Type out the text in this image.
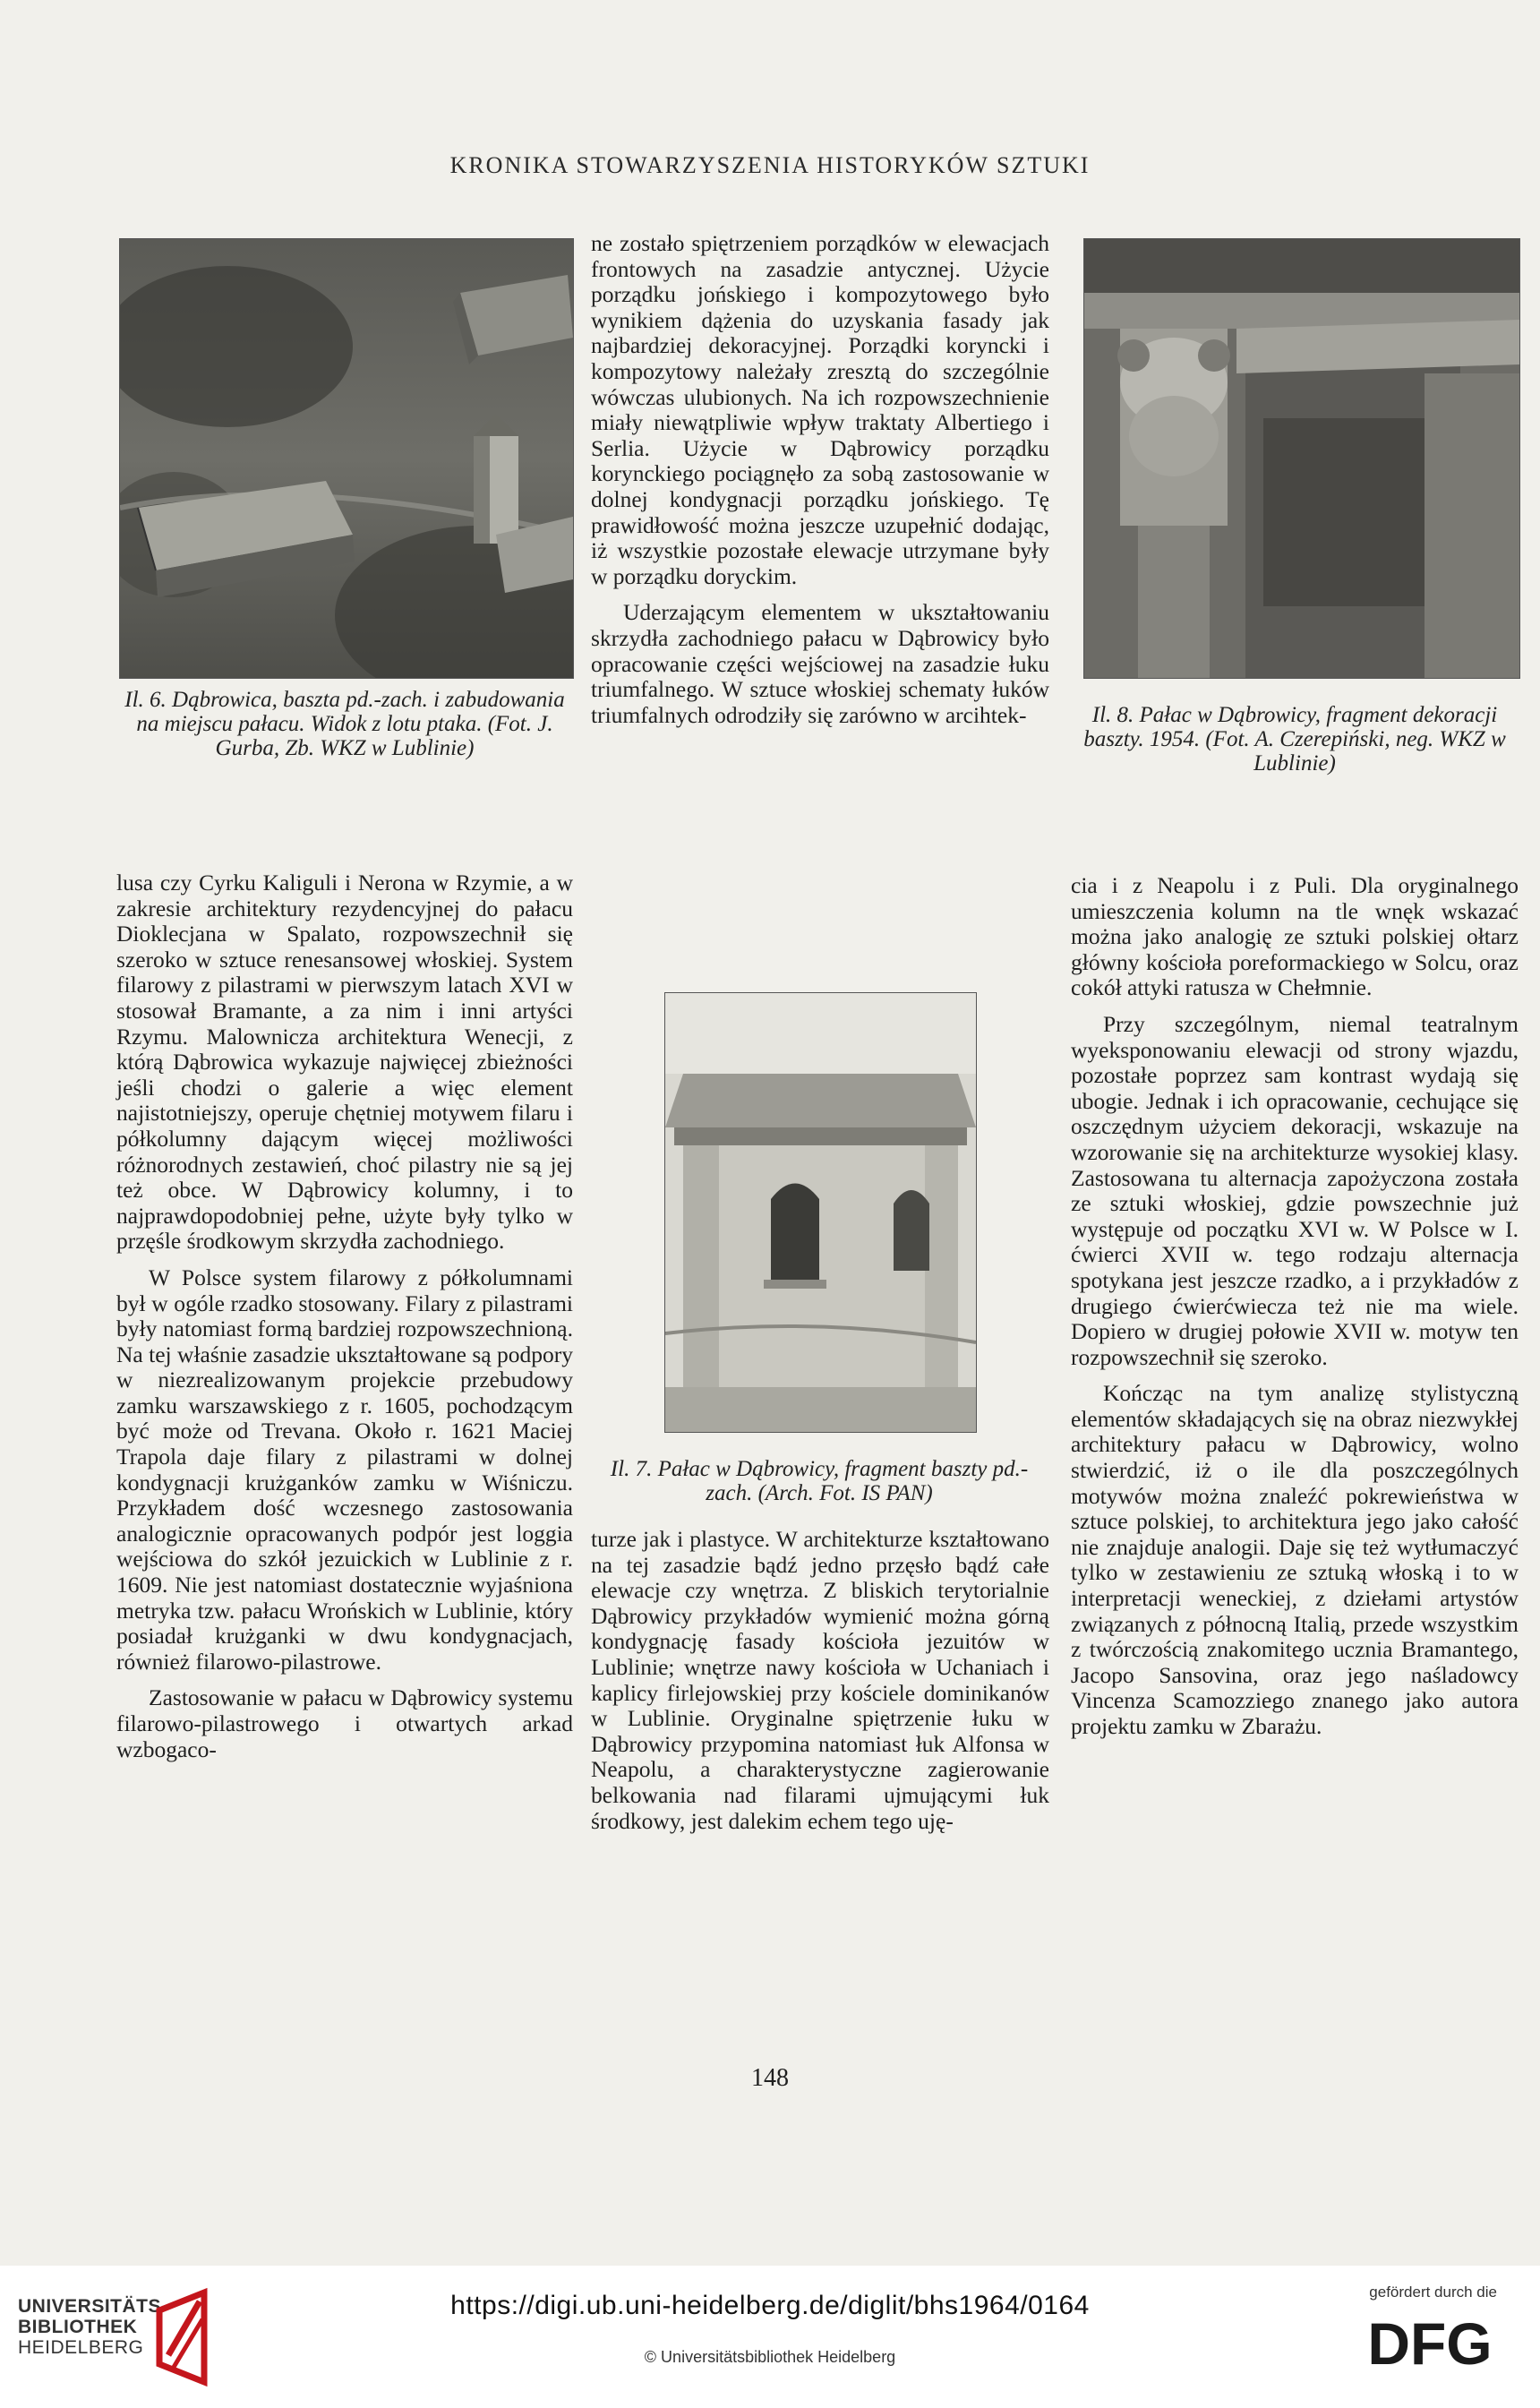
KRONIKA STOWARZYSZENIA HISTORYKÓW SZTUKI
Il. 6. Dąbrowica, baszta pd.-zach. i zabudowania na miejscu pałacu. Widok z lotu ptaka. (Fot. J. Gurba, Zb. WKZ w Lublinie)
Il. 7. Pałac w Dąbrowicy, fragment baszty pd.-zach. (Arch. Fot. IS PAN)
Il. 8. Pałac w Dąbrowicy, fragment dekoracji baszty. 1954. (Fot. A. Czerepiński, neg. WKZ w Lublinie)

lusa czy Cyrku Kaliguli i Nerona w Rzymie, a w zakresie architektury rezydencyjnej do pałacu Dioklecjana w Spalato, rozpowszechnił się szeroko w sztuce renesansowej włoskiej. System filarowy z pilastrami w pierwszym latach XVI w stosował Bramante, a za nim i inni artyści Rzymu. Malownicza architektura Wenecji, z którą Dąbrowica wykazuje najwięcej zbieżności jeśli chodzi o galerie a więc element najistotniejszy, operuje chętniej motywem filaru i półkolumny dającym więcej możliwości różnorodnych zestawień, choć pilastry nie są jej też obce. W Dąbrowicy kolumny, i to najprawdopodobniej pełne, użyte były tylko w przęśle środkowym skrzydła zachodniego.

W Polsce system filarowy z półkolumnami był w ogóle rzadko stosowany. Filary z pilastrami były natomiast formą bardziej rozpowszechnioną. Na tej właśnie zasadzie ukształtowane są podpory w niezrealizowanym projekcie przebudowy zamku warszawskiego z r. 1605, pochodzącym być może od Trevana. Około r. 1621 Maciej Trapola daje filary z pilastrami w dolnej kondygnacji krużganków zamku w Wiśniczu. Przykładem dość wczesnego zastosowania analogicznie opracowanych podpór jest loggia wejściowa do szkół jezuickich w Lublinie z r. 1609. Nie jest natomiast dostatecznie wyjaśniona metryka tzw. pałacu Wrońskich w Lublinie, który posiadał krużganki w dwu kondygnacjach, również filarowo-pilastrowe.

Zastosowanie w pałacu w Dąbrowicy systemu filarowo-pilastrowego i otwartych arkad wzbogaco-

ne zostało spiętrzeniem porządków w elewacjach frontowych na zasadzie antycznej. Użycie porządku jońskiego i kompozytowego było wynikiem dążenia do uzyskania fasady jak najbardziej dekoracyjnej. Porządki koryncki i kompozytowy należały zresztą do szczególnie wówczas ulubionych. Na ich rozpowszechnienie miały niewątpliwie wpływ traktaty Albertiego i Serlia. Użycie w Dąbrowicy porządku korynckiego pociągnęło za sobą zastosowanie w dolnej kondygnacji porządku jońskiego. Tę prawidłowość można jeszcze uzupełnić dodając, iż wszystkie pozostałe elewacje utrzymane były w porządku doryckim.

Uderzającym elementem w ukształtowaniu skrzydła zachodniego pałacu w Dąbrowicy było opracowanie części wejściowej na zasadzie łuku triumfalnego. W sztuce włoskiej schematy łuków triumfalnych odrodziły się zarówno w arcihtek-

turze jak i plastyce. W architekturze kształtowano na tej zasadzie bądź jedno przęsło bądź całe elewacje czy wnętrza. Z bliskich terytorialnie Dąbrowicy przykładów wymienić można górną kondygnację fasady kościoła jezuitów w Lublinie; wnętrze nawy kościoła w Uchaniach i kaplicy firlejowskiej przy kościele dominikanów w Lublinie. Oryginalne spiętrzenie łuku w Dąbrowicy przypomina natomiast łuk Alfonsa w Neapolu, a charakterystyczne zagierowanie belkowania nad filarami ujmującymi łuk środkowy, jest dalekim echem tego uję-

cia i z Neapolu i z Puli. Dla oryginalnego umieszczenia kolumn na tle wnęk wskazać można jako analogię ze sztuki polskiej ołtarz główny kościoła poreformackiego w Solcu, oraz cokół attyki ratusza w Chełmnie.

Przy szczególnym, niemal teatralnym wyeksponowaniu elewacji od strony wjazdu, pozostałe poprzez sam kontrast wydają się ubogie. Jednak i ich opracowanie, cechujące się oszczędnym użyciem dekoracji, wskazuje na wzorowanie się na architekturze wysokiej klasy. Zastosowana tu alternacja zapożyczona została ze sztuki włoskiej, gdzie powszechnie już występuje od początku XVI w. W Polsce w I. ćwierci XVII w. tego rodzaju alternacja spotykana jest jeszcze rzadko, a i przykładów z drugiego ćwierćwiecza też nie ma wiele. Dopiero w drugiej połowie XVII w. motyw ten rozpowszechnił się szeroko.

Kończąc na tym analizę stylistyczną elementów składających się na obraz niezwykłej architektury pałacu w Dąbrowicy, wolno stwierdzić, iż o ile dla poszczególnych motywów można znaleźć pokrewieństwa w sztuce polskiej, to architektura jego jako całość nie znajduje analogii. Daje się też wytłumaczyć tylko w zestawieniu ze sztuką włoską i to w interpretacji weneckiej, z dziełami artystów związanych z północną Italią, przede wszystkim z twórczością znakomitego ucznia Bramantego, Jacopo Sansovina, oraz jego naśladowcy Vincenza Scamozziego znanego jako autora projektu zamku w Zbarażu.

148
UNIVERSITÄTS-
BIBLIOTHEK
HEIDELBERG
https://digi.ub.uni-heidelberg.de/diglit/bhs1964/0164
© Universitätsbibliothek Heidelberg
gefördert durch die
DFG
